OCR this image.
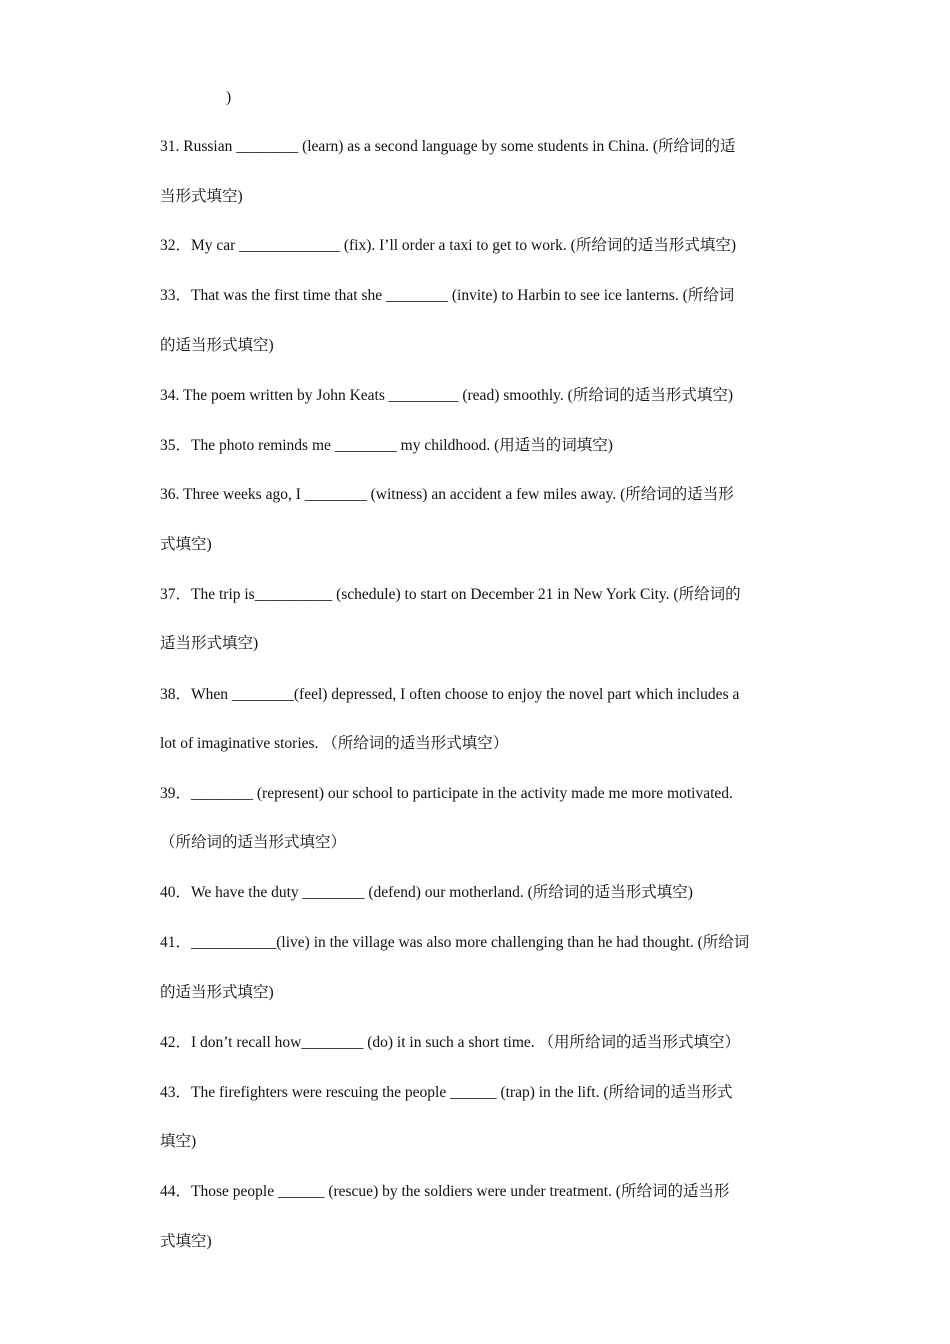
)
31. Russian ________ (learn) as a second language by some students in China. (所给词的适
当形式填空)
32．My car _____________ (fix). I’ll order a taxi to get to work. (所给词的适当形式填空)
33．That was the first time that she ________ (invite) to Harbin to see ice lanterns. (所给词
的适当形式填空)
34. The poem written by John Keats _________ (read) smoothly. (所给词的适当形式填空)
35．The photo reminds me ________ my childhood. (用适当的词填空)
36. Three weeks ago, I ________ (witness) an accident a few miles away. (所给词的适当形
式填空)
37．The trip is__________ (schedule) to start on December 21 in New York City. (所给词的
适当形式填空)
38．When ________(feel) depressed, I often choose to enjoy the novel part which includes a
lot of imaginative stories. （所给词的适当形式填空）
39．________ (represent) our school to participate in the activity made me more motivated.
（所给词的适当形式填空）
40．We have the duty ________ (defend) our motherland. (所给词的适当形式填空)
41．___________(live) in the village was also more challenging than he had thought. (所给词
的适当形式填空)
42．I don’t recall how________ (do) it in such a short time. （用所给词的适当形式填空）
43．The firefighters were rescuing the people ______ (trap) in the lift. (所给词的适当形式
填空)
44．Those people ______ (rescue) by the soldiers were under treatment. (所给词的适当形
式填空)
